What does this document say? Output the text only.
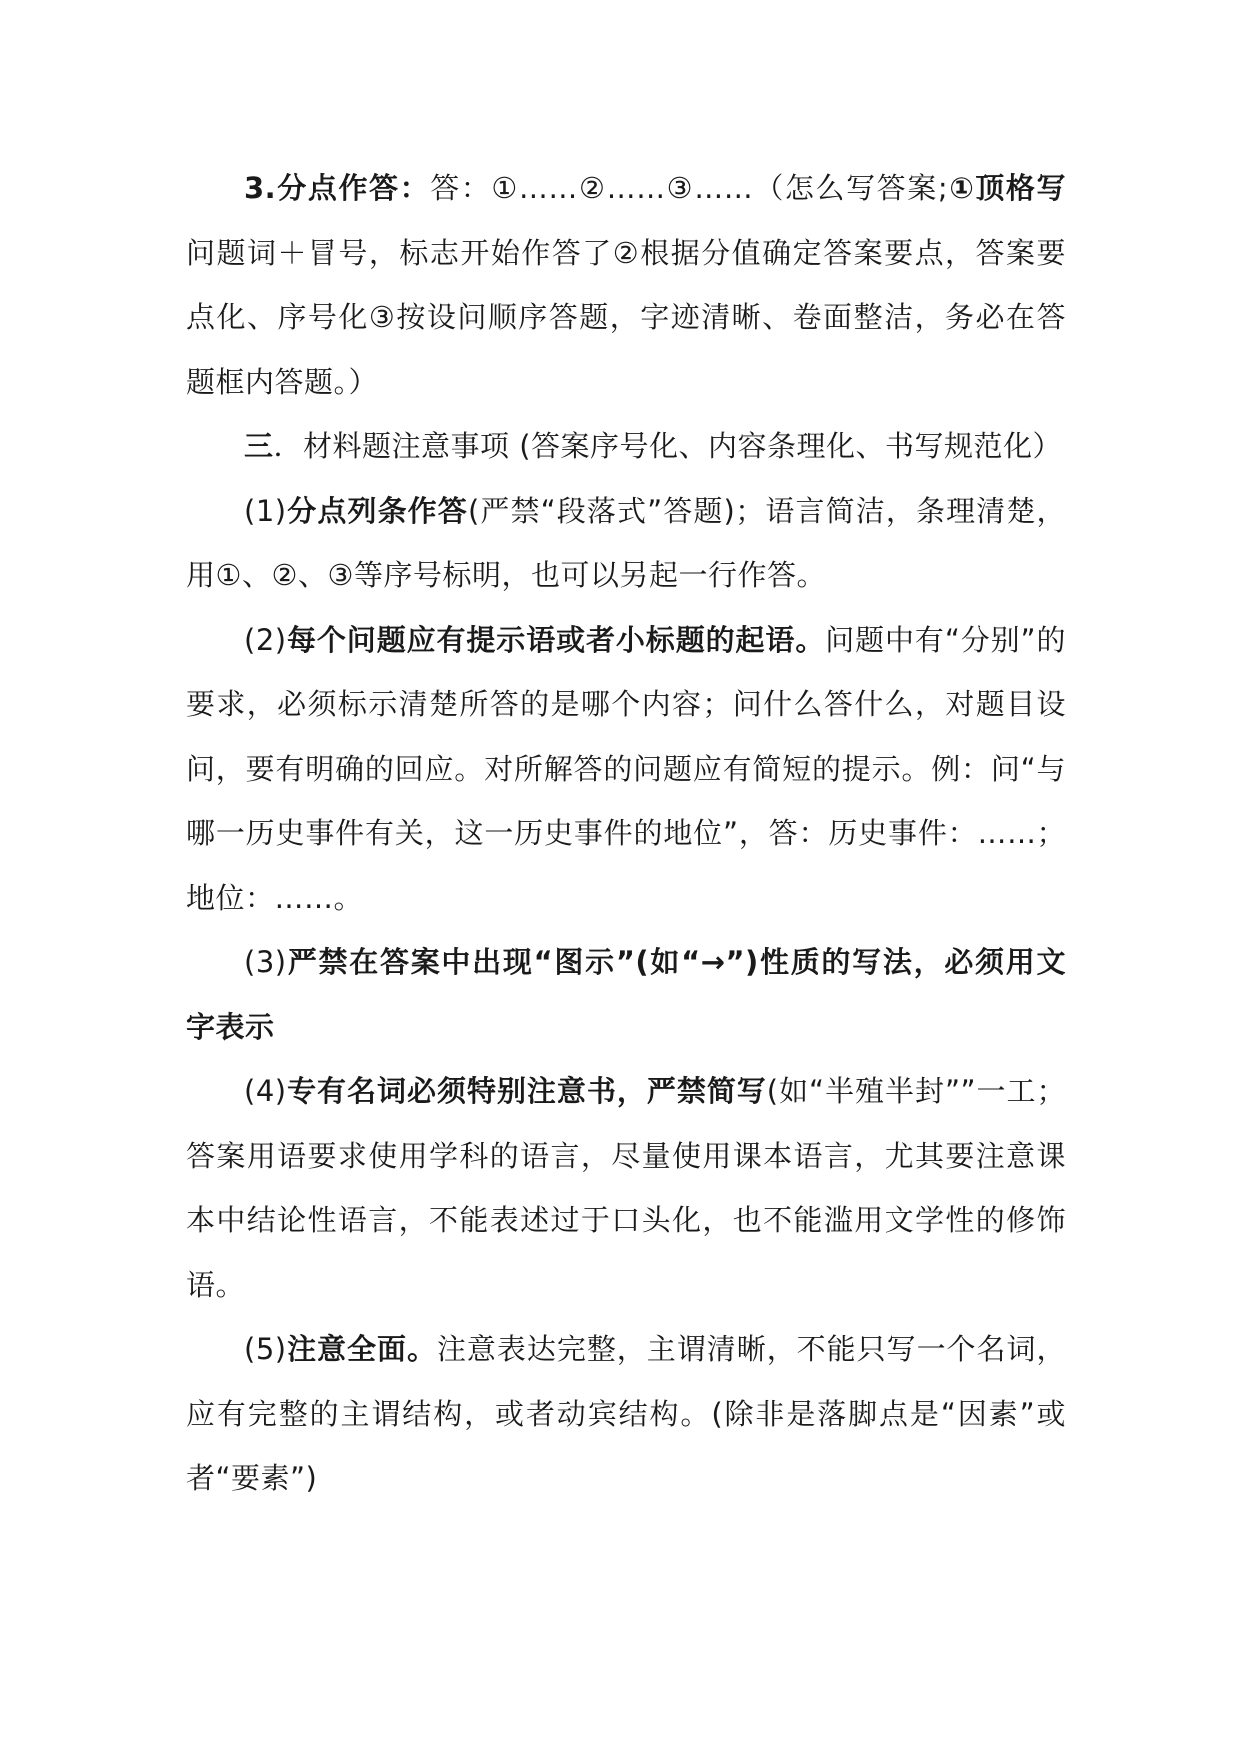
3.分点作答：答：①……②……③……（怎么写答案;①顶格写问题词＋冒号，标志开始作答了②根据分值确定答案要点，答案要点化、序号化③按设问顺序答题，字迹清晰、卷面整洁，务必在答题框内答题。）

三．材料题注意事项 (答案序号化、内容条理化、书写规范化）

(1)分点列条作答(严禁“段落式”答题)；语言简洁，条理清楚，用①、②、③等序号标明，也可以另起一行作答。

(2)每个问题应有提示语或者小标题的起语。问题中有“分别”的要求，必须标示清楚所答的是哪个内容；问什么答什么，对题目设问，要有明确的回应。对所解答的问题应有简短的提示。例：问“与哪一历史事件有关，这一历史事件的地位”，答：历史事件：……；地位：……。

(3)严禁在答案中出现“图示”(如“→”)性质的写法，必须用文字表示

(4)专有名词必须特别注意书，严禁简写(如“半殖半封””一工；答案用语要求使用学科的语言，尽量使用课本语言，尤其要注意课本中结论性语言，不能表述过于口头化，也不能滥用文学性的修饰语。

(5)注意全面。注意表达完整，主谓清晰，不能只写一个名词，应有完整的主谓结构，或者动宾结构。(除非是落脚点是“因素”或者“要素”)
